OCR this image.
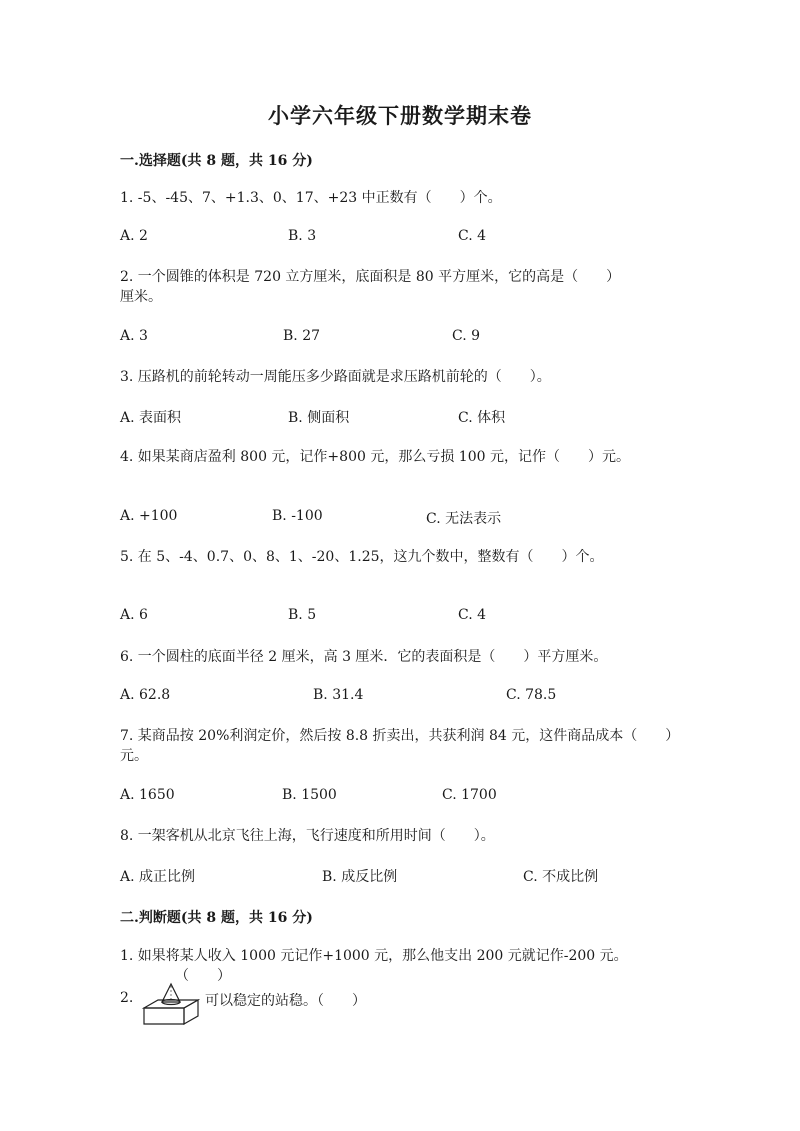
小学六年级下册数学期末卷
一.选择题(共 8 题，共 16 分)
1. -5、-45、7、+1.3、0、17、+23 中正数有（　　）个。
A. 2	B. 3	C. 4
2. 一个圆锥的体积是 720 立方厘米，底面积是 80 平方厘米，它的高是（　　）厘米。
A. 3	B. 27	C. 9
3. 压路机的前轮转动一周能压多少路面就是求压路机前轮的（　　）。
A. 表面积	B. 侧面积	C. 体积
4. 如果某商店盈利 800 元，记作+800 元，那么亏损 100 元，记作（　　）元。
A. +100	B. -100	C. 无法表示
5. 在 5、-4、0.7、0、8、1、-20、1.25，这九个数中，整数有（　　）个。
A. 6	B. 5	C. 4
6. 一个圆柱的底面半径 2 厘米，高 3 厘米．它的表面积是（　　）平方厘米。
A. 62.8	B. 31.4	C. 78.5
7. 某商品按 20%利润定价，然后按 8.8 折卖出，共获利润 84 元，这件商品成本（　　）元。
A. 1650	B. 1500	C. 1700
8. 一架客机从北京飞往上海，飞行速度和所用时间（　　）。
A. 成正比例	B. 成反比例	C. 不成比例
二.判断题(共 8 题，共 16 分)
1. 如果将某人收入 1000 元记作+1000 元，那么他支出 200 元就记作-200 元。
（　　）
2.	可以稳定的站稳。（　　）
